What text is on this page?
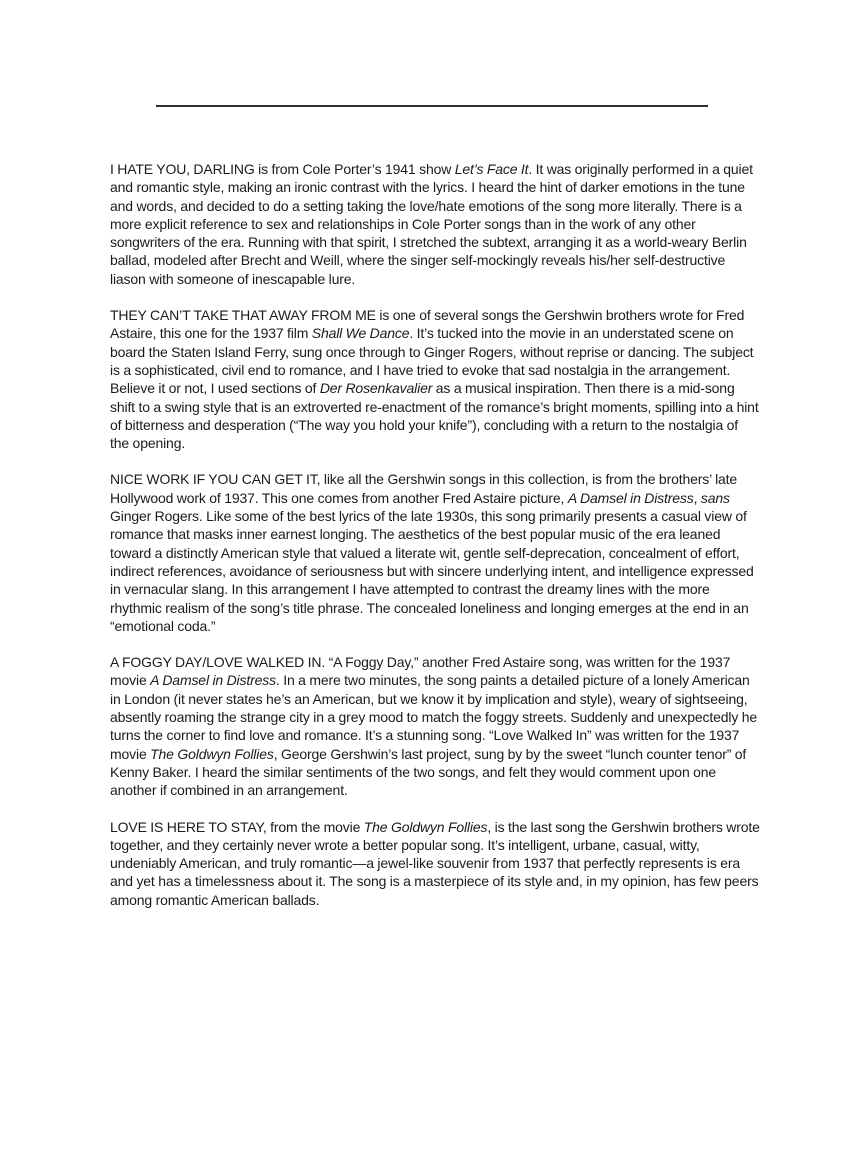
I HATE YOU, DARLING is from Cole Porter’s 1941 show Let’s Face It. It was originally performed in a quiet and romantic style, making an ironic contrast with the lyrics. I heard the hint of darker emotions in the tune and words, and decided to do a setting taking the love/hate emotions of the song more literally. There is a more explicit reference to sex and relationships in Cole Porter songs than in the work of any other songwriters of the era. Running with that spirit, I stretched the subtext, arranging it as a world-weary Berlin ballad, modeled after Brecht and Weill, where the singer self-mockingly reveals his/her self-destructive liason with someone of inescapable lure.

THEY CAN’T TAKE THAT AWAY FROM ME is one of several songs the Gershwin brothers wrote for Fred Astaire, this one for the 1937 film Shall We Dance. It’s tucked into the movie in an understated scene on board the Staten Island Ferry, sung once through to Ginger Rogers, without reprise or dancing. The subject is a sophisticated, civil end to romance, and I have tried to evoke that sad nostalgia in the arrangement. Believe it or not, I used sections of Der Rosenkavalier as a musical inspiration. Then there is a mid-song shift to a swing style that is an extroverted re-enactment of the romance’s bright moments, spilling into a hint of bitterness and desperation (“The way you hold your knife”), concluding with a return to the nostalgia of the opening.

NICE WORK IF YOU CAN GET IT, like all the Gershwin songs in this collection, is from the brothers’ late Hollywood work of 1937. This one comes from another Fred Astaire picture, A Damsel in Distress, sans Ginger Rogers. Like some of the best lyrics of the late 1930s, this song primarily presents a casual view of romance that masks inner earnest longing. The aesthetics of the best popular music of the era leaned toward a distinctly American style that valued a literate wit, gentle self-deprecation, concealment of effort, indirect references, avoidance of seriousness but with sincere underlying intent, and intelligence expressed in vernacular slang. In this arrangement I have attempted to contrast the dreamy lines with the more rhythmic realism of the song’s title phrase. The concealed loneliness and longing emerges at the end in an “emotional coda.”

A FOGGY DAY/LOVE WALKED IN. “A Foggy Day,” another Fred Astaire song, was written for the 1937 movie A Damsel in Distress. In a mere two minutes, the song paints a detailed picture of a lonely American in London (it never states he’s an American, but we know it by implication and style), weary of sightseeing, absently roaming the strange city in a grey mood to match the foggy streets. Suddenly and unexpectedly he turns the corner to find love and romance. It’s a stunning song. “Love Walked In” was written for the 1937 movie The Goldwyn Follies, George Gershwin’s last project, sung by by the sweet “lunch counter tenor” of Kenny Baker. I heard the similar sentiments of the two songs, and felt they would comment upon one another if combined in an arrangement.

LOVE IS HERE TO STAY, from the movie The Goldwyn Follies, is the last song the Gershwin brothers wrote together, and they certainly never wrote a better popular song. It’s intelligent, urbane, casual, witty, undeniably American, and truly romantic—a jewel-like souvenir from 1937 that perfectly represents is era and yet has a timelessness about it. The song is a masterpiece of its style and, in my opinion, has few peers among romantic American ballads.
